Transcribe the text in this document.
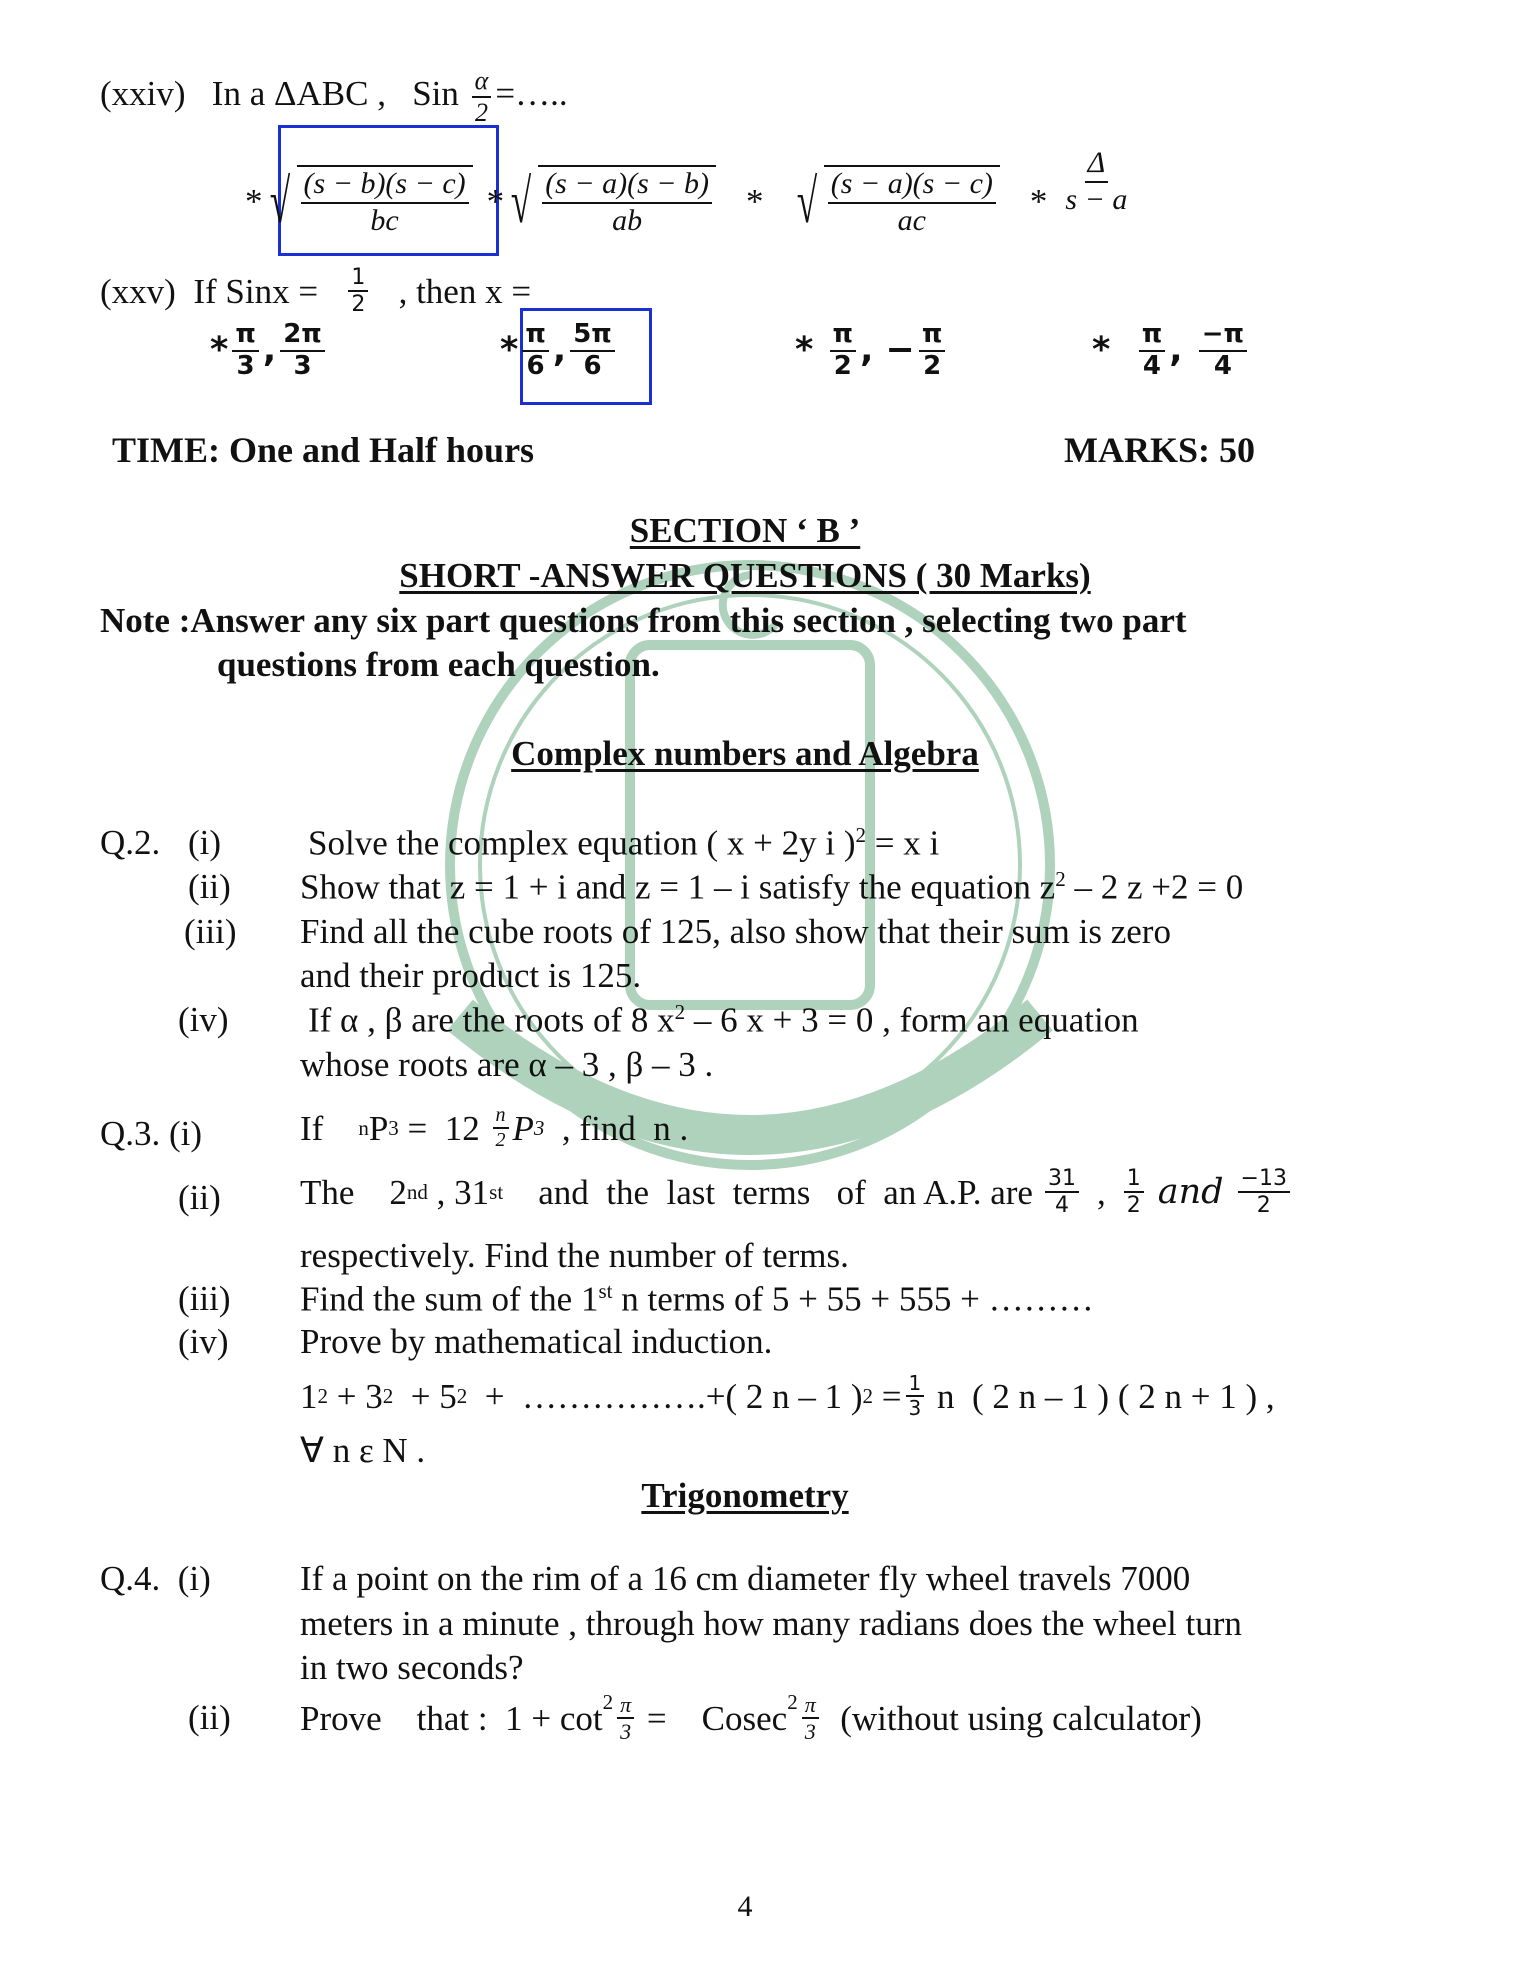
(xxiv) In a ΔABC , Sin $\frac{\alpha}{2}$ =…..
* √ $\frac{(s - b)(s - c)}{bc}$ * √ $\frac{(s - a)(s - b)}{ab}$ *
√ $\frac{(s - a)(s - c)}{ac} * \frac{\Delta}{s - a}$
(xxv)
If Sinx =
$\frac{1}{2}$
, then x =
* $\frac{\pi}{3}$ , $\frac{2\pi}{3}$	* $\frac{\pi}{6}$ , $\frac{5\pi}{6}$	*
$\frac{\pi}{2}$ , − $\frac{\pi}{2}$	*
$\frac{\pi}{4}$ ,
$\frac{-\pi}{4}$
TIME: One and Half hours	MARKS: 50
SECTION ‘ B ’
SHORT -ANSWER QUESTIONS ( 30 Marks)
Note :Answer any six part questions from this section , selecting two part
questions from each question.
Complex numbers and Algebra
Q.2. (i) Solve the complex equation ( x + 2y i )$^2$ = x i
(ii) Show that z = 1 + i and z = 1 – i satisfy the equation $z^2 - 2$ z +2 = 0
(iii) Find all the cube roots of 125, also show that their sum is zero
and their product is 125.
(iv) If α , β are the roots of 8 $x^2 - 6$ x + 3 = 0 , form an equation
whose roots are α – 3 , β – 3 .
Q.3. (i)	If n P $3 = 12 \frac{n}{2}$ P 3 , find  n .
(ii) The    2 nd , 31 st and  the  last  terms   of  an A.P. are $\frac{31}{4}$ , $\frac{1}{2}$ and $\frac{-13}{2}$
respectively. Find the number of terms.
(iii) Find the sum of the 1st n terms of 5 + 55 + 555 + ………
(iv) Prove by mathematical induction.
1 2 + 3 2 + 5 2 +  …………….+( 2 n – 1 ) $2 = \frac{1}{3}$ n  ( 2 n – 1 ) ( 2 n + 1 ) ,
∀ n ε N .
Trigonometry
Q.4. (i)	If a point on the rim of a 16 cm diameter fly wheel travels 7000
meters in a minute , through how many radians does the wheel turn
in two seconds?
(ii) Prove    that :  $1 + \cot^2 \frac{\pi}{3}$ =    $Cosec^2 \frac{\pi}{3}$ (without using calculator)
4
